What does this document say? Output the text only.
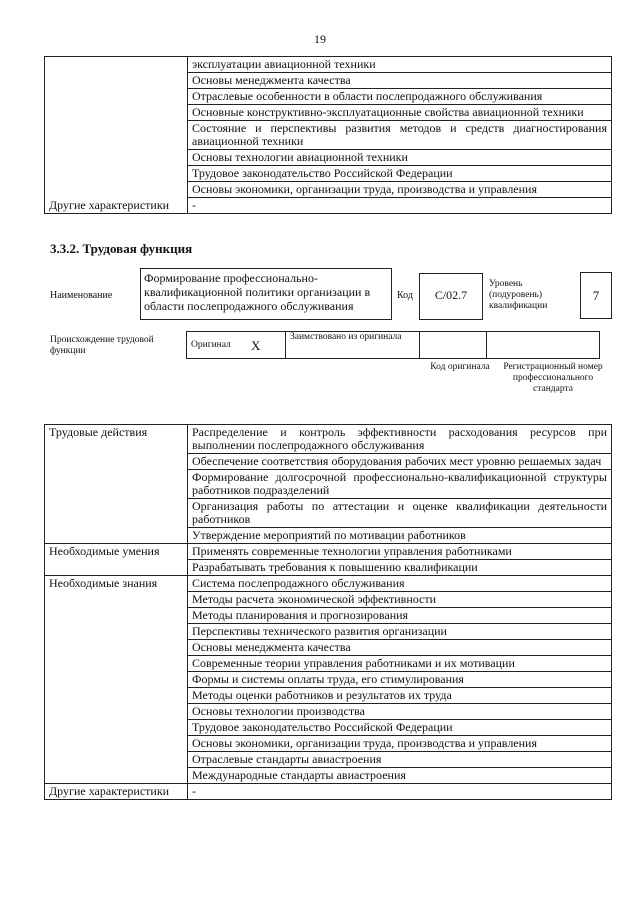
19
	эксплуатации авиационной техники
	Основы менеджмента качества
	Отраслевые особенности в области послепродажного обслуживания
	Основные конструктивно-эксплуатационные свойства авиационной техники
	Состояние и перспективы развития методов и средств диагностирования авиационной техники
	Основы технологии авиационной техники
	Трудовое законодательство Российской Федерации
	Основы экономики, организации труда, производства и управления
Другие характеристики	-
3.3.2. Трудовая функция
Наименование
Формирование профессионально-квалификационной политики организации в области послепродажного обслуживания
Код	C/02.7
Уровень (подуровень) квалификации
7
Происхождение трудовой функции
Оригинал	X	Заимствовано из оригинала		
Код оригинала	Регистрационный номер профессионального стандарта
Трудовые действия	Распределение и контроль эффективности расходования ресурсов при выполнении послепродажного обслуживания
	Обеспечение соответствия оборудования рабочих мест уровню решаемых задач
	Формирование долгосрочной профессионально-квалификационной структуры работников подразделений
	Организация работы по аттестации и оценке квалификации деятельности работников
	Утверждение мероприятий по мотивации работников
Необходимые умения	Применять современные технологии управления работниками
	Разрабатывать требования к повышению квалификации
Необходимые знания	Система послепродажного обслуживания
	Методы расчета экономической эффективности
	Методы планирования и прогнозирования
	Перспективы технического развития организации
	Основы менеджмента качества
	Современные теории управления работниками и их мотивации
	Формы и системы оплаты труда, его стимулирования
	Методы оценки работников и результатов их труда
	Основы технологии производства
	Трудовое законодательство Российской Федерации
	Основы экономики, организации труда, производства и управления
	Отраслевые стандарты авиастроения
	Международные стандарты авиастроения
Другие характеристики	-
